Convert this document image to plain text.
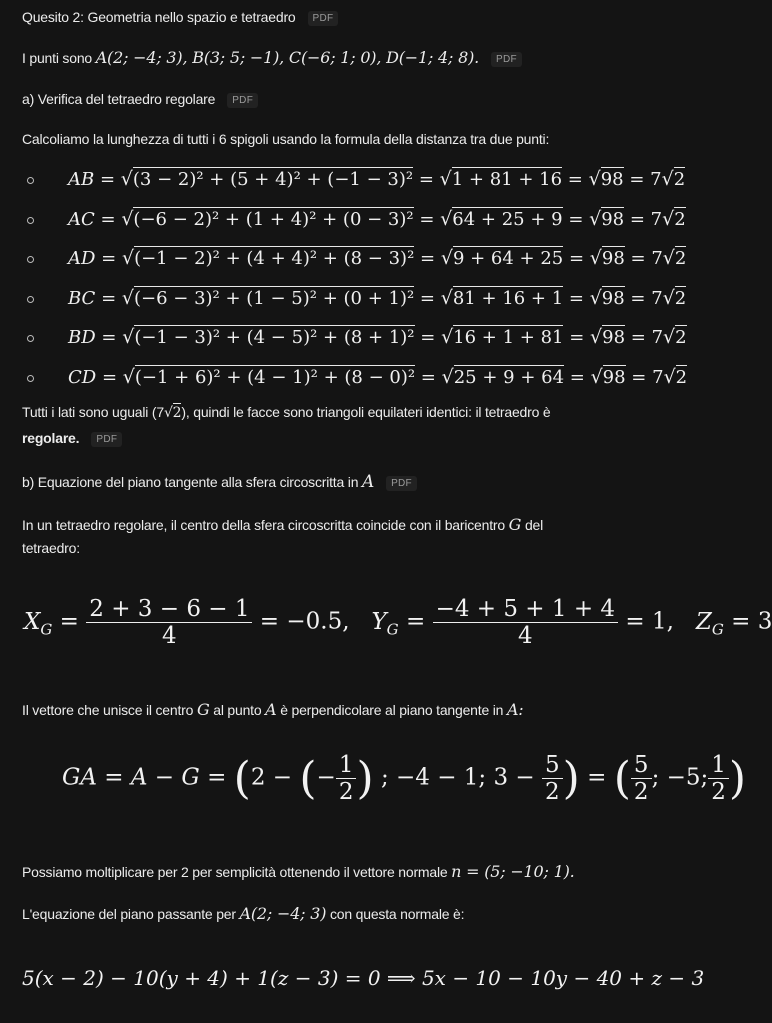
Quesito 2: Geometria nello spazio e tetraedro PDF
I punti sono A(2; −4; 3), B(3; 5; −1), C(−6; 1; 0), D(−1; 4; 8). PDF
a) Verifica del tetraedro regolare PDF
Calcoliamo la lunghezza di tutti i 6 spigoli usando la formula della distanza tra due punti:
AB = √(3 − 2)² + (5 + 4)² + (−1 − 3)² = √1 + 81 + 16 = √98 = 7√2
AC = √(−6 − 2)² + (1 + 4)² + (0 − 3)² = √64 + 25 + 9 = √98 = 7√2
AD = √(−1 − 2)² + (4 + 4)² + (8 − 3)² = √9 + 64 + 25 = √98 = 7√2
BC = √(−6 − 3)² + (1 − 5)² + (0 + 1)² = √81 + 16 + 1 = √98 = 7√2
BD = √(−1 − 3)² + (4 − 5)² + (8 + 1)² = √16 + 1 + 81 = √98 = 7√2
CD = √(−1 + 6)² + (4 − 1)² + (8 − 0)² = √25 + 9 + 64 = √98 = 7√2
Tutti i lati sono uguali (7√2), quindi le facce sono triangoli equilateri identici: il tetraedro è
regolare. PDF
b) Equazione del piano tangente alla sfera circoscritta in A PDF
In un tetraedro regolare, il centro della sfera circoscritta coincide con il baricentro G del
tetraedro:
$X_G = \frac{2 + 3 - 6 - 1}{4} = -0.5$, $Y_G = \frac{-4 + 5 + 1 + 4}{4} = 1$, $Z_G = 3$
Il vettore che unisce il centro G al punto A è perpendicolare al piano tangente in A:
GA = A − G = (2 − (− $\frac{1}{2}$ ) ; −4 − 1; $3 - \frac{5}{2}$ ) = ( $\frac{5}{2}$ ; −5; $\frac{1}{2}$ )
Possiamo moltiplicare per 2 per semplicità ottenendo il vettore normale n = (5; −10; 1).
L'equazione del piano passante per A(2; −4; 3) con questa normale è:
5(x − 2) − 10(y + 4) + 1(z − 3) = 0 ⟹ 5x − 10 − 10y − 40 + z − 3
